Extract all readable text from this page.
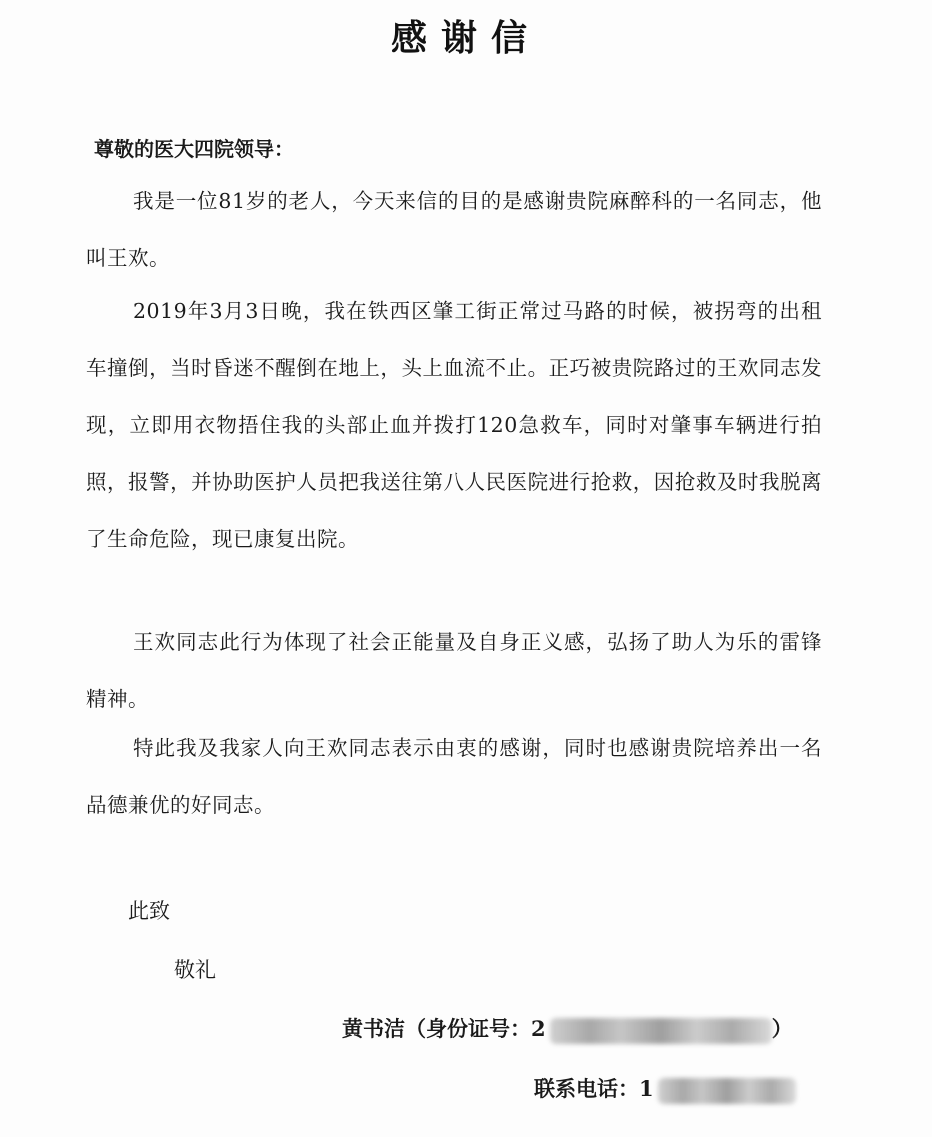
感谢信
尊敬的医大四院领导：
我是一位81岁的老人，今天来信的目的是感谢贵院麻醉科的一名同志，他叫王欢。
2019年3月3日晚，我在铁西区肇工街正常过马路的时候，被拐弯的出租车撞倒，当时昏迷不醒倒在地上，头上血流不止。正巧被贵院路过的王欢同志发现，立即用衣物捂住我的头部止血并拨打120急救车，同时对肇事车辆进行拍照，报警，并协助医护人员把我送往第八人民医院进行抢救，因抢救及时我脱离了生命危险，现已康复出院。
王欢同志此行为体现了社会正能量及自身正义感，弘扬了助人为乐的雷锋精神。
特此我及我家人向王欢同志表示由衷的感谢，同时也感谢贵院培养出一名品德兼优的好同志。
此致
敬礼
黄书洁（身份证号：2	）
联系电话：1
